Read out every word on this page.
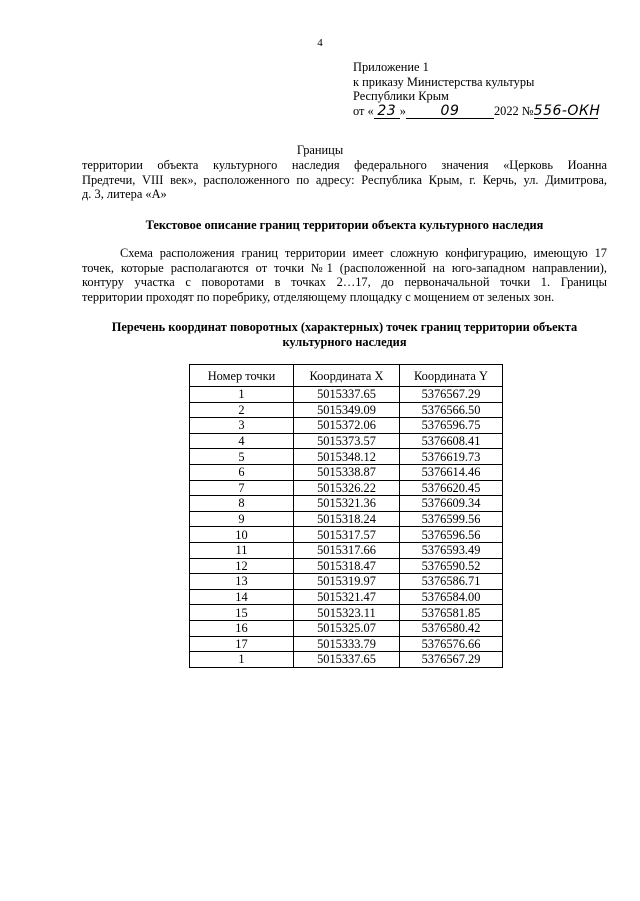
4
Приложение 1
к приказу Министерства культуры
Республики Крым
от « 23 » 09	2022 №556-ОКН
Границы
территории объекта культурного наследия федерального значения «Церковь Иоанна
Предтечи, VIII век», расположенного по адресу: Республика Крым, г. Керчь, ул. Димитрова,
д. 3, литера «А»
Текстовое описание границ территории объекта культурного наследия
Схема расположения границ территории имеет сложную конфигурацию, имеющую 17
точек, которые располагаются от точки №1 (расположенной на юго-западном направлении),
контуру участка с поворотами в точках 2…17, до первоначальной точки 1. Границы
территории проходят по поребрику, отделяющему площадку с мощением от зеленых зон.
Перечень координат поворотных (характерных) точек границ территории объекта
культурного наследия
Номер точки	Координата X	Координата Y
1	5015337.65	5376567.29
2	5015349.09	5376566.50
3	5015372.06	5376596.75
4	5015373.57	5376608.41
5	5015348.12	5376619.73
6	5015338.87	5376614.46
7	5015326.22	5376620.45
8	5015321.36	5376609.34
9	5015318.24	5376599.56
10	5015317.57	5376596.56
11	5015317.66	5376593.49
12	5015318.47	5376590.52
13	5015319.97	5376586.71
14	5015321.47	5376584.00
15	5015323.11	5376581.85
16	5015325.07	5376580.42
17	5015333.79	5376576.66
1	5015337.65	5376567.29
